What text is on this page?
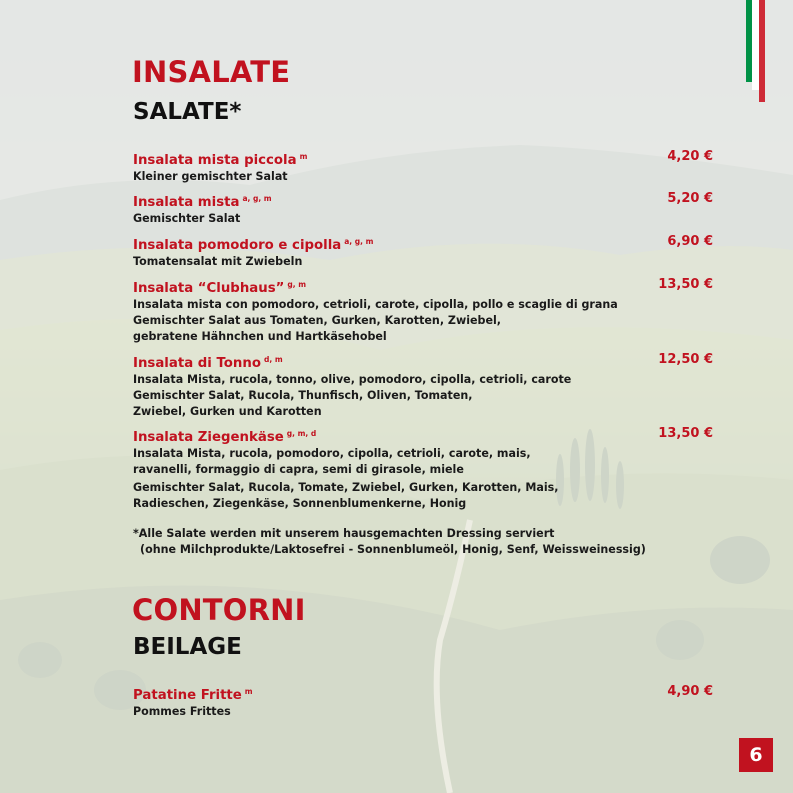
INSALATE
SALATE*
Insalata mista piccola $^m$	4,20 €
Kleiner gemischter Salat
Insalata mista $^{a, g, m}$	5,20 €
Gemischter Salat
Insalata pomodoro e cipolla $^{a, g, m}$	6,90 €
Tomatensalat mit Zwiebeln
Insalata “Clubhaus” $^{g, m}$	13,50 €
Insalata mista con pomodoro, cetrioli, carote, cipolla, pollo e scaglie di grana
Gemischter Salat aus Tomaten, Gurken, Karotten, Zwiebel,
gebratene Hähnchen und Hartkäsehobel
Insalata di Tonno $^{d, m}$	12,50 €
Insalata Mista, rucola, tonno, olive, pomodoro, cipolla, cetrioli, carote
Gemischter Salat, Rucola, Thunfisch, Oliven, Tomaten,
Zwiebel, Gurken und Karotten
Insalata Ziegenkäse $^{g, m, d}$	13,50 €
Insalata Mista, rucola, pomodoro, cipolla, cetrioli, carote, mais,
ravanelli, formaggio di capra, semi di girasole, miele
Gemischter Salat, Rucola, Tomate, Zwiebel, Gurken, Karotten, Mais,
Radieschen, Ziegenkäse, Sonnenblumenkerne, Honig
*Alle Salate werden mit unserem hausgemachten Dressing serviert
(ohne Milchprodukte/Laktosefrei - Sonnenblumeöl, Honig, Senf, Weissweinessig)
CONTORNI
BEILAGE
Patatine Fritte $^m$	4,90 €
Pommes Frittes
6
